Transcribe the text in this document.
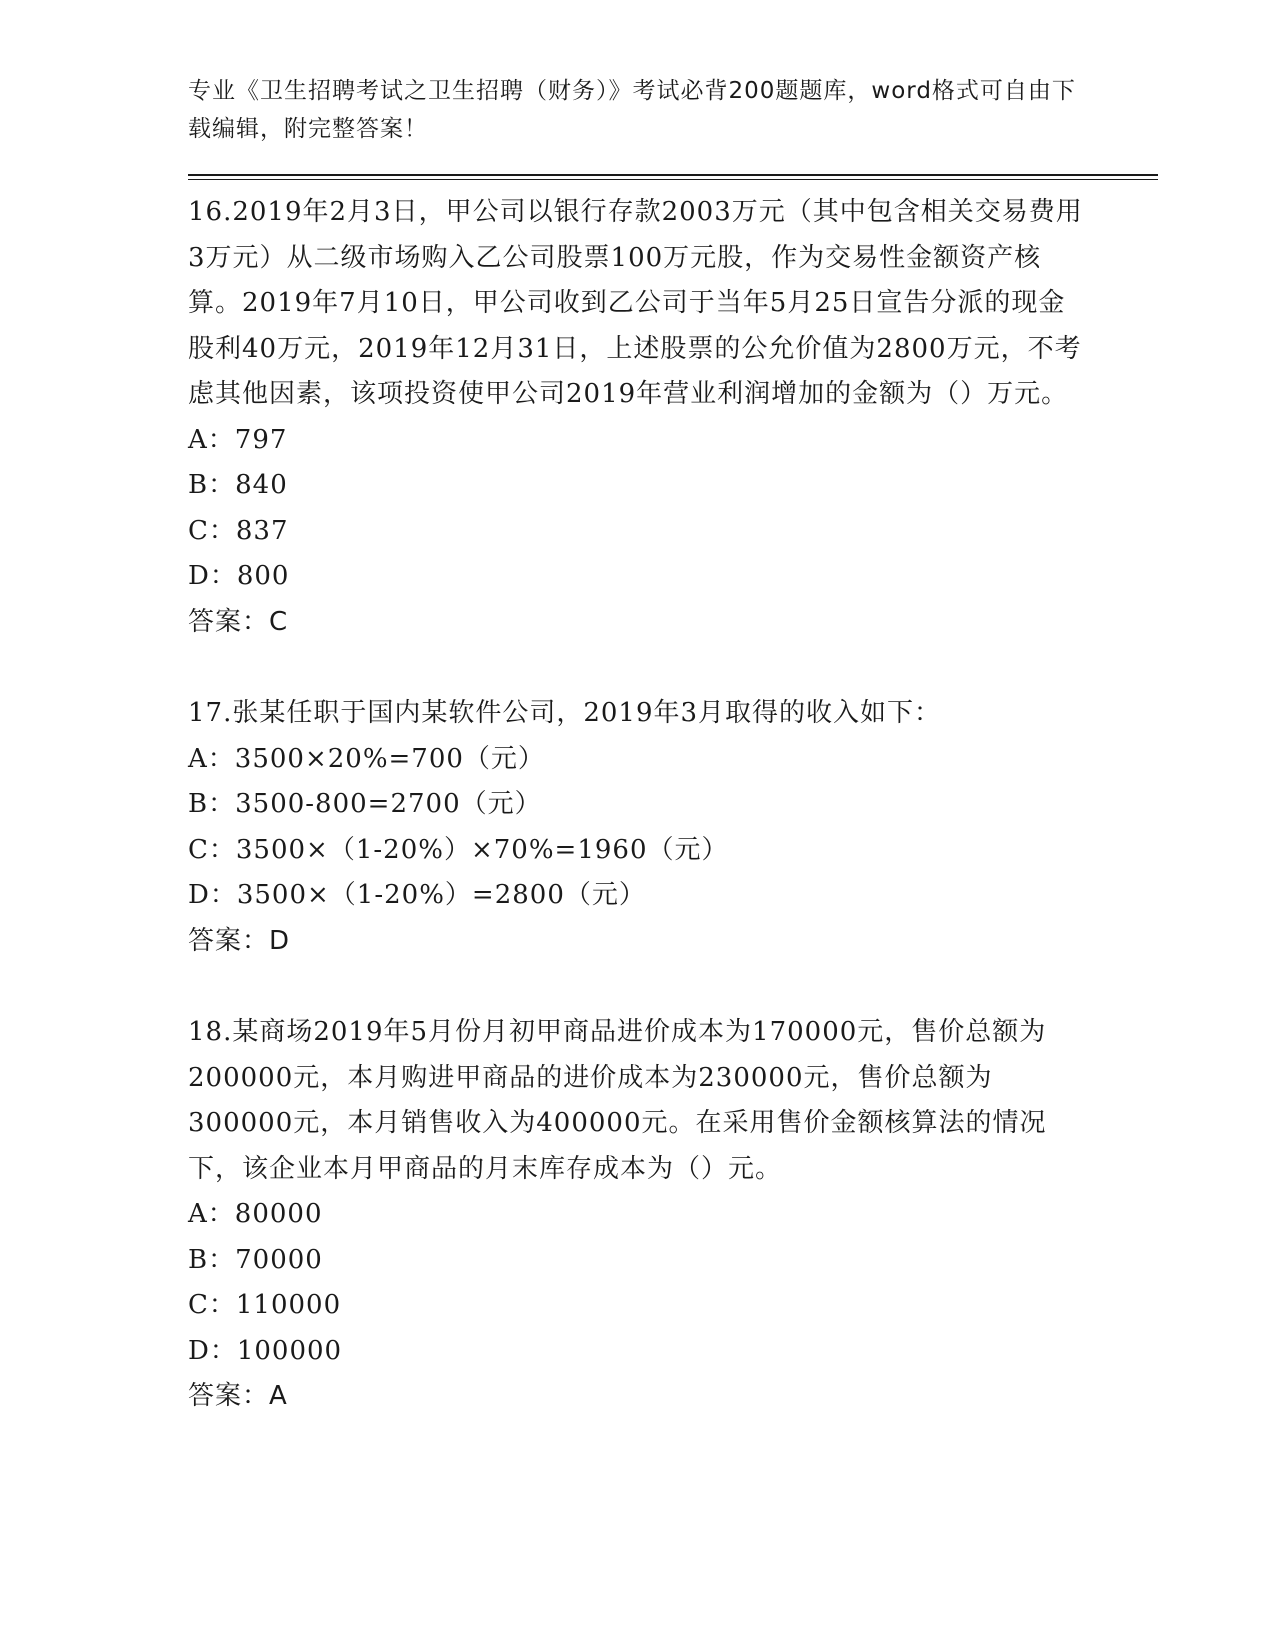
专业《卫生招聘考试之卫生招聘（财务）》考试必背200题题库，word格式可自由下载编辑，附完整答案！

16.2019年2月3日，甲公司以银行存款2003万元（其中包含相关交易费用3万元）从二级市场购入乙公司股票100万元股，作为交易性金额资产核算。2019年7月10日，甲公司收到乙公司于当年5月25日宣告分派的现金股利40万元，2019年12月31日，上述股票的公允价值为2800万元，不考虑其他因素，该项投资使甲公司2019年营业利润增加的金额为（）万元。

A：797

B：840

C：837

D：800

答案：C

17.张某任职于国内某软件公司，2019年3月取得的收入如下：

A：3500×20%=700（元）

B：3500-800=2700（元）

C：3500×（1-20%）×70%=1960（元）

D：3500×（1-20%）=2800（元）

答案：D

18.某商场2019年5月份月初甲商品进价成本为170000元，售价总额为200000元，本月购进甲商品的进价成本为230000元，售价总额为300000元，本月销售收入为400000元。在采用售价金额核算法的情况下，该企业本月甲商品的月末库存成本为（）元。

A：80000

B：70000

C：110000

D：100000

答案：A
